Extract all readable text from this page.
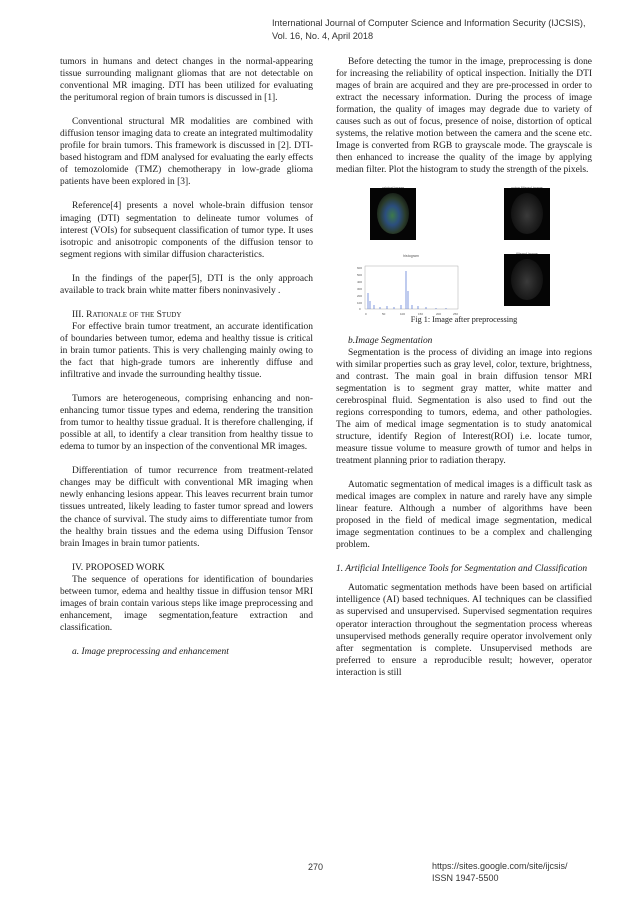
International Journal of Computer Science and Information Security (IJCSIS),
Vol. 16, No. 4, April 2018

tumors in humans and detect changes in the normal-appearing tissue surrounding malignant gliomas that are not detectable on conventional MR imaging. DTI has been utilized for evaluating the peritumoral region of brain tumors is discussed in [1].

Conventional structural MR modalities are combined with diffusion tensor imaging data to create an integrated multimodality profile for brain tumors. This framework is discussed in [2]. DTI-based histogram and fDM analysed for evaluating the early effects of temozolomide (TMZ) chemotherapy in low-grade glioma patients have been explored in [3].

Reference[4] presents a novel whole-brain diffusion tensor imaging (DTI) segmentation to delineate tumor volumes of interest (VOIs) for subsequent classification of tumor type. It uses isotropic and anisotropic components of the diffusion tensor to segment regions with similar diffusion characteristics.

In the findings of the paper[5], DTI is the only approach available to track brain white matter fibers noninvasively .

III. Rationale of the Study

For effective brain tumor treatment, an accurate identification of boundaries between tumor, edema and healthy tissue is critical in brain tumor patients. This is very challenging mainly owing to the fact that high-grade tumors are inherently diffuse and infiltrative and invade the surrounding healthy tissue.

Tumors are heterogeneous, comprising enhancing and non-enhancing tumor tissue types and edema, rendering the transition from tumor to healthy tissue gradual. It is therefore challenging, if possible at all, to identify a clear transition from healthy tissue to edema to tumor by an inspection of the conventional MR images.

Differentiation of tumor recurrence from treatment-related changes may be difficult with conventional MR imaging when newly enhancing lesions appear. This leaves recurrent brain tumor tissues untreated, likely leading to faster tumor spread and lowers the chance of survival. The study aims to differentiate tumor from the healthy brain tissues and the edema using Diffusion Tensor brain Images in brain tumor patients.

IV. PROPOSED WORK

The sequence of operations for identification of boundaries between tumor, edema and healthy tissue in diffusion tensor MRI images of brain contain various steps like image preprocessing and enhancement, image segmentation,feature extraction and classification.

a. Image preprocessing and enhancement

Before detecting the tumor in the image, preprocessing is done for increasing the reliability of optical inspection. Initially the DTI mages of brain are acquired and they are pre-processed in order to extract the necessary information. During the process of image formation, the quality of images may degrade due to variety of causes such as out of focus, presence of noise, distortion of optical systems, the relative motion between the camera and the scene etc. Image is converted from RGB to grayscale mode. The grayscale is then enhanced to increase the quality of the image by applying median filter. Plot the histogram to study the strength of the pixels.

histogram
600
500
400
300
200
100
0
0	50	100	150	200	250
Fig 1: Image after preprocessing

b.Image Segmentation

Segmentation is the process of dividing an image into regions with similar properties such as gray level, color, texture, brightness, and contrast. The main goal in brain diffusion tensor MRI segmentation is to segment gray matter, white matter and cerebrospinal fluid. Segmentation is also used to find out the regions corresponding to tumors, edema, and other pathologies. The aim of medical image segmentation is to study anatomical structure, identify Region of Interest(ROI) i.e. locate tumor, measure tissue volume to measure growth of tumor and helps in treatment planning prior to radiation therapy.

Automatic segmentation of medical images is a difficult task as medical images are complex in nature and rarely have any simple linear feature. Although a number of algorithms have been proposed in the field of medical image segmentation, medical image segmentation continues to be a complex and challenging problem.

1. Artificial Intelligence Tools for Segmentation and Classification

Automatic segmentation methods have been based on artificial intelligence (AI) based techniques. AI techniques can be classified as supervised and unsupervised. Supervised segmentation requires operator interaction throughout the segmentation process whereas unsupervised methods generally require operator involvement only after segmentation is complete. Unsupervised methods are preferred to ensure a reproducible result; however, operator interaction is still

270	https://sites.google.com/site/ijcsis/
ISSN 1947-5500
